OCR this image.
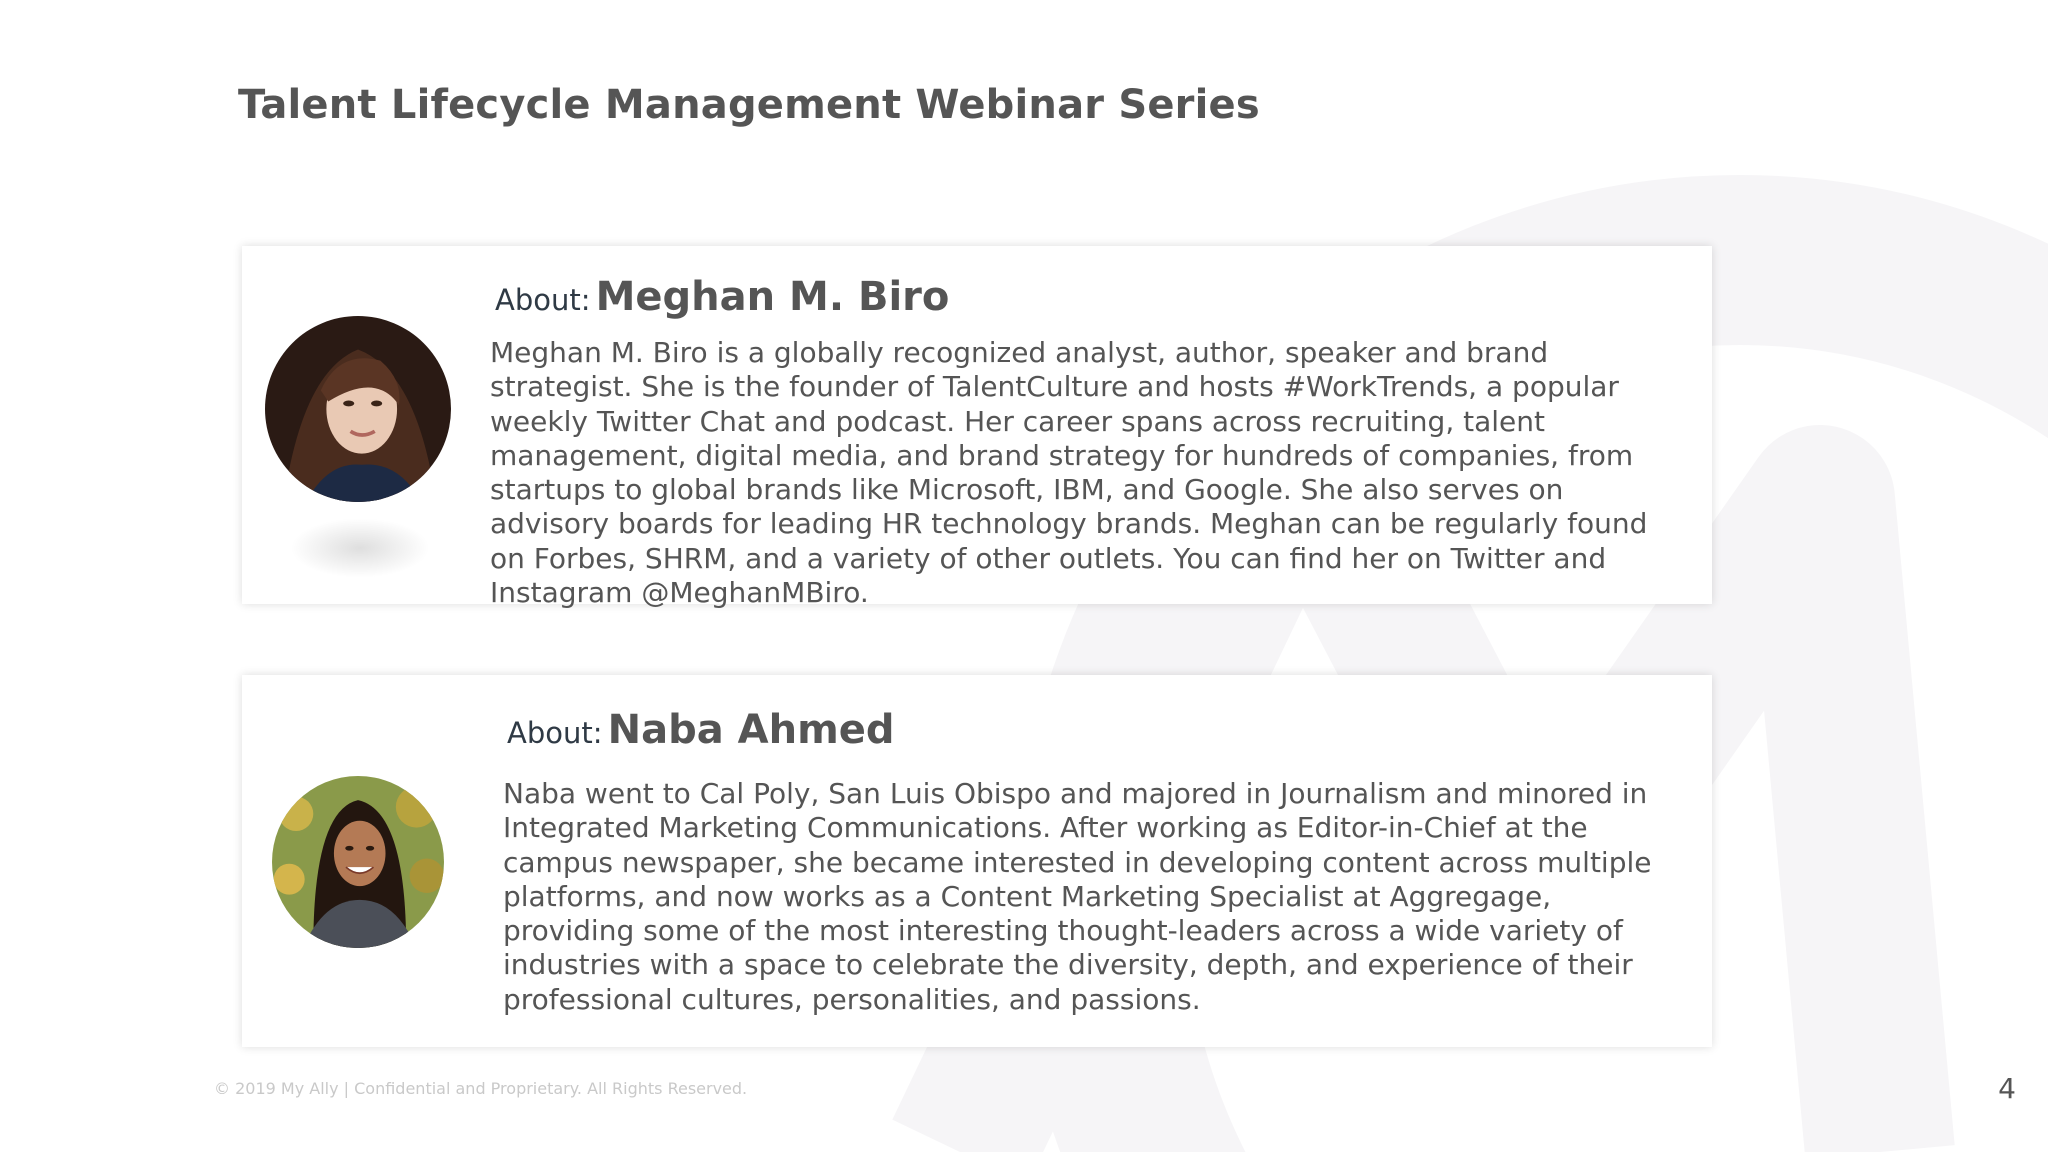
Talent Lifecycle Management Webinar Series
About: Meghan M. Biro

Meghan M. Biro is a globally recognized analyst, author, speaker and brand strategist. She is the founder of TalentCulture and hosts #WorkTrends, a popular weekly Twitter Chat and podcast. Her career spans across recruiting, talent management, digital media, and brand strategy for hundreds of companies, from startups to global brands like Microsoft, IBM, and Google. She also serves on advisory boards for leading HR technology brands. Meghan can be regularly found on Forbes, SHRM, and a variety of other outlets. You can find her on Twitter and Instagram @MeghanMBiro.

About: Naba Ahmed

Naba went to Cal Poly, San Luis Obispo and majored in Journalism and minored in Integrated Marketing Communications. After working as Editor-in-Chief at the campus newspaper, she became interested in developing content across multiple platforms, and now works as a Content Marketing Specialist at Aggregage, providing some of the most interesting thought-leaders across a wide variety of industries with a space to celebrate the diversity, depth, and experience of their professional cultures, personalities, and passions.

© 2019 My Ally | Confidential and Proprietary. All Rights Reserved.	4
